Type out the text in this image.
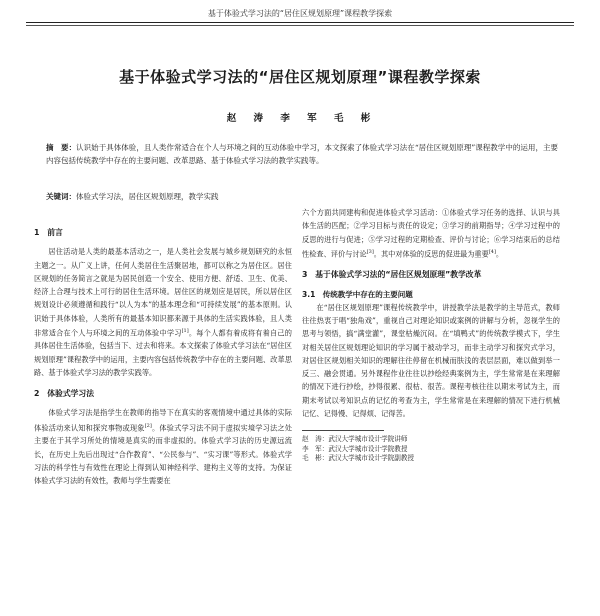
基于体验式学习法的“居住区规划原理”课程教学探索
基于体验式学习法的“居住区规划原理”课程教学探索
赵 涛 李 军 毛 彬
摘　要：认识始于具体体验，且人类作常适合在个人与环境之间的互动体验中学习，本文探索了体验式学习法在“居住区规划原理”课程教学中的运用，主要内容包括传统教学中存在的主要问题、改革思路、基于体验式学习法的教学实践等。
关键词：体验式学习法，居住区规划原理，教学实践
1　前言

居住活动是人类的最基本活动之一，是人类社会发展与城乡规划研究的永恒主题之一。从广义上讲，任何人类居住生活聚居地，都可以称之为居住区。居住区规划的任务简言之就是为居民创造一个安全、使用方便、舒适、卫生、优美、经济上合理与技术上可行的居住生活环境。居住区的规划应是居民，所以居住区规划设计必须遵循和践行“以人为本”的基本理念和“可持续发展”的基本原则。认识始于具体体验，人类所有的最基本知识都来源于具体的生活实践体验，且人类非常适合在个人与环境之间的互动体验中学习[1]。每个人都有着成将有着自己的具体居住生活体验，包括当下、过去和将来。本文探索了体验式学习法在“居住区规划原理”课程教学中的运用，主要内容包括传统教学中存在的主要问题、改革思路、基于体验式学习法的教学实践等。

2　体验式学习法

体验式学习法是指学生在教师的指导下在真实的客观情境中通过具体的实际体验活动来认知和探究事物或现象[2]。体验式学习法不同于虚拟实境学习法之处主要在于其学习所处的情境是真实的而非虚拟的。体验式学习法的历史源远流长，在历史上先后出现过“合作教育”、“公民参与”、“实习课”等形式。体验式学习法的科学性与有效性在理论上得到认知神经科学、建构主义等的支持。为保证体验式学习法的有效性，教师与学生需要在

六个方面共同建构和促进体验式学习活动：①体验式学习任务的选择、认识与具体生活的匹配；②学习目标与责任的设定；③学习的前期指导；④学习过程中的反思的进行与促进；⑤学习过程的定期检查、评价与讨论；⑥学习结束后的总结性检查、评价与讨论[3]。其中对体验的反思的促进最为重要[4]。

3　基于体验式学习法的“居住区规划原理”教学改革
3.1　传统教学中存在的主要问题

在“居住区规划原理”课程传统教学中，讲授教学法是教学的主导范式，教师往往热衷于唱“独角戏”，重视自己对理论知识或案例的讲解与分析，忽视学生的思考与领悟，搞“满堂灌”，课堂枯燥沉闷。在“填鸭式”的传统教学模式下，学生对相关居住区规划理论知识的学习属于被动学习，而非主动学习和探究式学习，对居住区规划相关知识的理解往往停留在机械而肤浅的表层层面，难以做到举一反三、融会贯通。另外课程作业往往以抄绘经典案例为主，学生常常是在来理解的情况下进行抄绘，抄得很累、很枯、很苦。课程考核往往以期末考试为主，而期末考试以考知识点的记忆的考查为主，学生常常是在来理解的情况下进行机械记忆、记得慢、记得烦、记得苦。

赵　涛：武汉大学城市设计学院讲师
李　军：武汉大学城市设计学院教授
毛　彬：武汉大学城市设计学院副教授
